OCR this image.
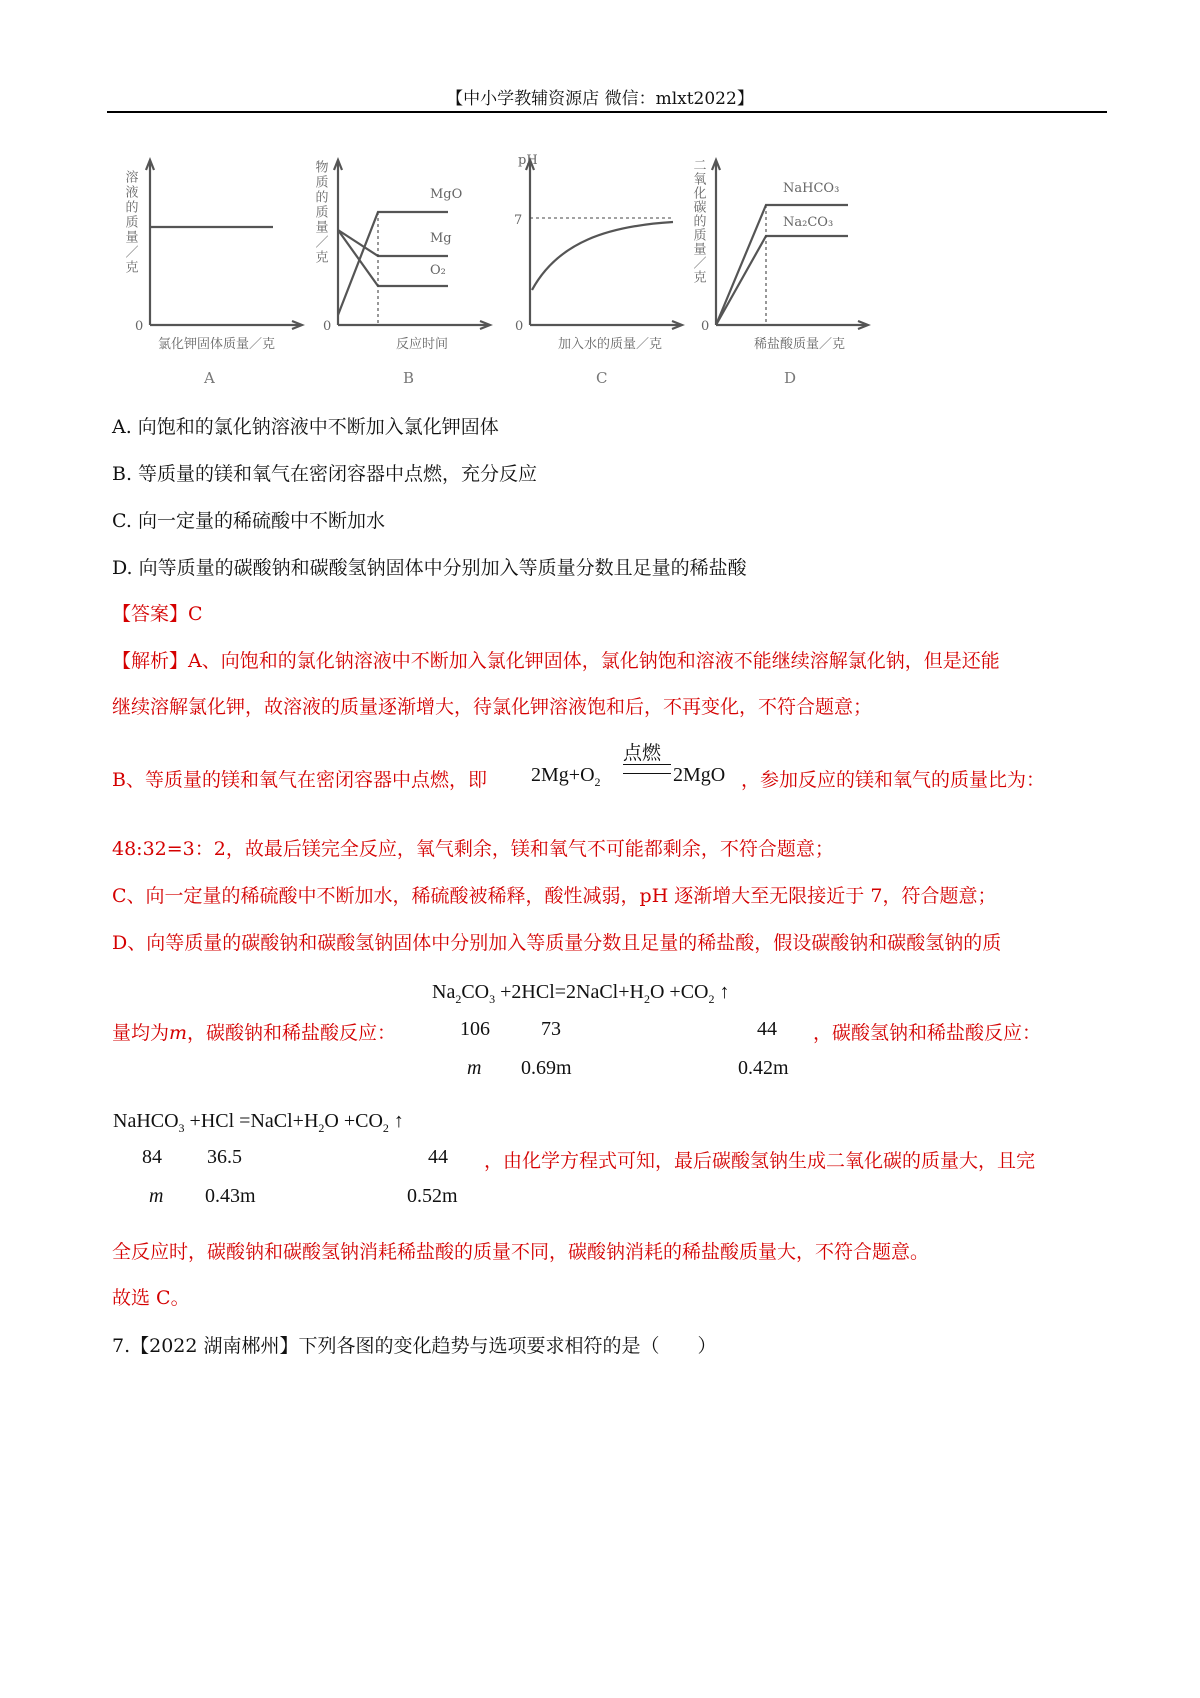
【中小学教辅资源店 微信：mlxt2022】
溶液的质量／克
0
氯化钾固体质量／克
A
物质的质量／克	MgO
Mg
O₂
0
反应时间
B
pH
7
0
加入水的质量／克
C
二氧化碳的质量／克	NaHCO₃
Na₂CO₃
0
稀盐酸质量／克
D
A. 向饱和的氯化钠溶液中不断加入氯化钾固体
B. 等质量的镁和氧气在密闭容器中点燃，充分反应
C. 向一定量的稀硫酸中不断加水
D. 向等质量的碳酸钠和碳酸氢钠固体中分别加入等质量分数且足量的稀盐酸
【答案】C
【解析】A、向饱和的氯化钠溶液中不断加入氯化钾固体，氯化钠饱和溶液不能继续溶解氯化钠，但是还能
继续溶解氯化钾，故溶液的质量逐渐增大，待氯化钾溶液饱和后，不再变化，不符合题意；
B、等质量的镁和氧气在密闭容器中点燃，即 $2Mg+O_2$
点燃
2MgO ，参加反应的镁和氧气的质量比为：
48:32=3：2，故最后镁完全反应，氧气剩余，镁和氧气不可能都剩余，不符合题意；
C、向一定量的稀硫酸中不断加水，稀硫酸被稀释，酸性减弱，pH 逐渐增大至无限接近于 7，符合题意；
D、向等质量的碳酸钠和碳酸氢钠固体中分别加入等质量分数且足量的稀盐酸，假设碳酸钠和碳酸氢钠的质
$Na_2CO_3$ $+2HCl=2NaCl+H_2O +CO_2$ ↑
量均为m，碳酸钠和稀盐酸反应：	106	73	44 ，碳酸氢钠和稀盐酸反应：
m 0.69m	0.42m
NaHCO$_3$ $+HCl =NaCl+H_2O +CO_2$ ↑
84 36.5	44 ，由化学方程式可知，最后碳酸氢钠生成二氧化碳的质量大，且完
m 0.43m	0.52m
全反应时，碳酸钠和碳酸氢钠消耗稀盐酸的质量不同，碳酸钠消耗的稀盐酸质量大，不符合题意。
故选 C。
7.【2022 湖南郴州】下列各图的变化趋势与选项要求相符的是（　　）
